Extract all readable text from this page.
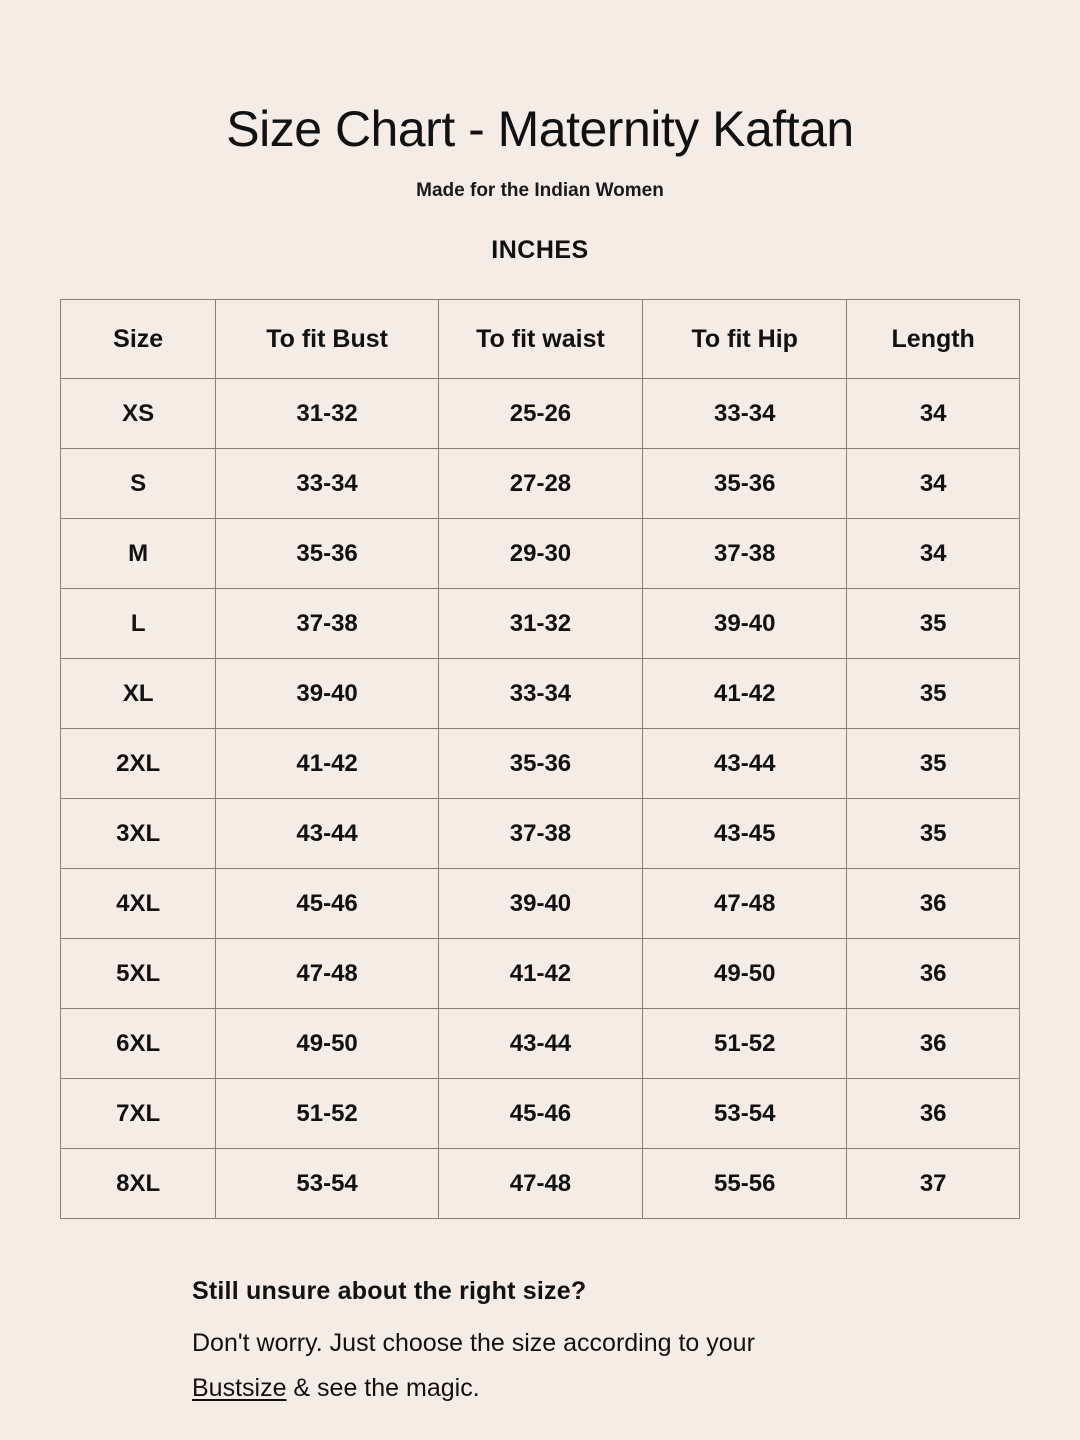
Size Chart - Maternity Kaftan
Made for the Indian Women
INCHES
Size	To fit Bust	To fit waist	To fit Hip	Length
XS	31-32	25-26	33-34	34
S	33-34	27-28	35-36	34
M	35-36	29-30	37-38	34
L	37-38	31-32	39-40	35
XL	39-40	33-34	41-42	35
2XL	41-42	35-36	43-44	35
3XL	43-44	37-38	43-45	35
4XL	45-46	39-40	47-48	36
5XL	47-48	41-42	49-50	36
6XL	49-50	43-44	51-52	36
7XL	51-52	45-46	53-54	36
8XL	53-54	47-48	55-56	37
Still unsure about the right size?
Don't worry. Just choose the size according to your
Bustsize & see the magic.
